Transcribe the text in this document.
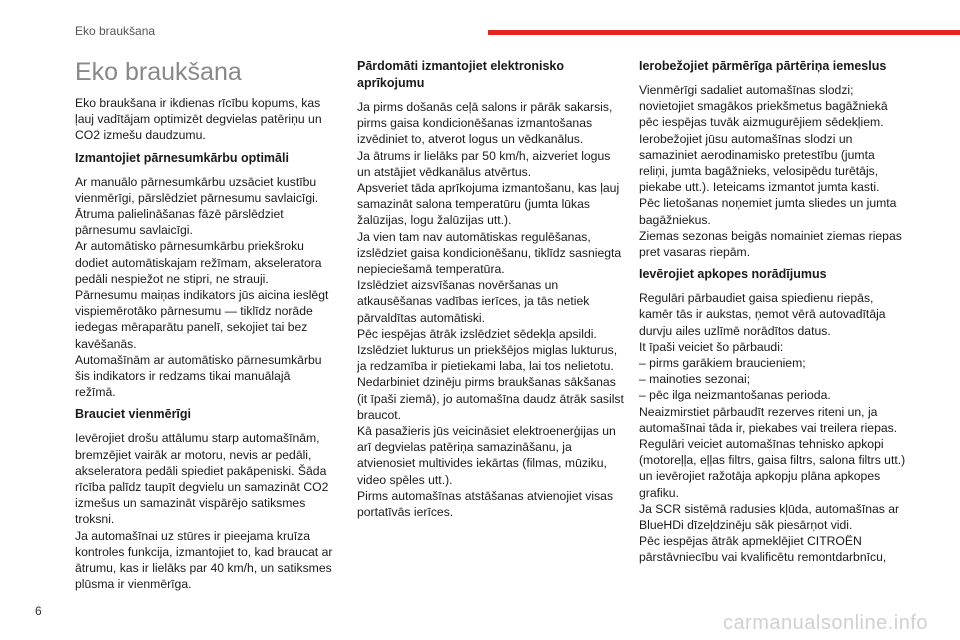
Eko braukšana
Eko braukšana

Eko braukšana ir ikdienas rīcību kopums, kas ļauj vadītājam optimizēt degvielas patēriņu un CO2 izmešu daudzumu.

Izmantojiet pārnesumkārbu optimāli

Ar manuālo pārnesumkārbu uzsāciet kustību vienmērīgi, pārslēdziet pārnesumu savlaicīgi. Ātruma palielināšanas fāzē pārslēdziet pārnesumu savlaicīgi.
Ar automātisko pārnesumkārbu priekšroku dodiet automātiskajam režīmam, akseleratora pedāli nespiežot ne stipri, ne strauji.
Pārnesumu maiņas indikators jūs aicina ieslēgt vispiemērotāko pārnesumu — tiklīdz norāde iedegas mēraparātu panelī, sekojiet tai bez kavēšanās.
Automašīnām ar automātisko pārnesumkārbu šis indikators ir redzams tikai manuālajā režīmā.

Brauciet vienmērīgi

Ievērojiet drošu attālumu starp automašīnām, bremzējiet vairāk ar motoru, nevis ar pedāli, akseleratora pedāli spiediet pakāpeniski. Šāda rīcība palīdz taupīt degvielu un samazināt CO2 izmešus un samazināt vispārējo satiksmes troksni.
Ja automašīnai uz stūres ir pieejama kruīza kontroles funkcija, izmantojiet to, kad braucat ar ātrumu, kas ir lielāks par 40 km/h, un satiksmes plūsma ir vienmērīga.

Pārdomāti izmantojiet elektronisko aprīkojumu

Ja pirms došanās ceļā salons ir pārāk sakarsis, pirms gaisa kondicionēšanas izmantošanas izvēdiniet to, atverot logus un vēdkanālus.
Ja ātrums ir lielāks par 50 km/h, aizveriet logus un atstājiet vēdkanālus atvērtus.
Apsveriet tāda aprīkojuma izmantošanu, kas ļauj samazināt salona temperatūru (jumta lūkas žalūzijas, logu žalūzijas utt.).
Ja vien tam nav automātiskas regulēšanas, izslēdziet gaisa kondicionēšanu, tiklīdz sasniegta nepieciešamā temperatūra.
Izslēdziet aizsvīšanas novēršanas un atkausēšanas vadības ierīces, ja tās netiek pārvaldītas automātiski.
Pēc iespējas ātrāk izslēdziet sēdekļa apsildi.
Izslēdziet lukturus un priekšējos miglas lukturus, ja redzamība ir pietiekami laba, lai tos nelietotu.
Nedarbiniet dzinēju pirms braukšanas sākšanas (it īpaši ziemā), jo automašīna daudz ātrāk sasilst braucot.
Kā pasažieris jūs veicināsiet elektroenerģijas un arī degvielas patēriņa samazināšanu, ja atvienosiet multivides iekārtas (filmas, mūziku, video spēles utt.).
Pirms automašīnas atstāšanas atvienojiet visas portatīvās ierīces.

Ierobežojiet pārmērīga pārtēriņa iemeslus

Vienmērīgi sadaliet automašīnas slodzi; novietojiet smagākos priekšmetus bagāžniekā pēc iespējas tuvāk aizmugurējiem sēdekļiem.
Ierobežojiet jūsu automašīnas slodzi un samaziniet aerodinamisko pretestību (jumta reliņi, jumta bagāžnieks, velosipēdu turētājs, piekabe utt.). Ieteicams izmantot jumta kasti.
Pēc lietošanas noņemiet jumta sliedes un jumta bagāžniekus.
Ziemas sezonas beigās nomainiet ziemas riepas pret vasaras riepām.

Ievērojiet apkopes norādījumus

Regulāri pārbaudiet gaisa spiedienu riepās, kamēr tās ir aukstas, ņemot vērā autovadītāja durvju ailes uzlīmē norādītos datus.
It īpaši veiciet šo pārbaudi:
– pirms garākiem braucieniem;
– mainoties sezonai;
– pēc ilga neizmantošanas perioda.
Neaizmirstiet pārbaudīt rezerves riteni un, ja automašīnai tāda ir, piekabes vai treilera riepas.
Regulāri veiciet automašīnas tehnisko apkopi (motoreļļa, eļļas filtrs, gaisa filtrs, salona filtrs utt.) un ievērojiet ražotāja apkopju plāna apkopes grafiku.
Ja SCR sistēmā radusies kļūda, automašīnas ar BlueHDi dīzeļdzinēju sāk piesārņot vidi.
Pēc iespējas ātrāk apmeklējiet CITROËN pārstāvniecību vai kvalificētu remontdarbnīcu,

6
carmanualsonline.info
